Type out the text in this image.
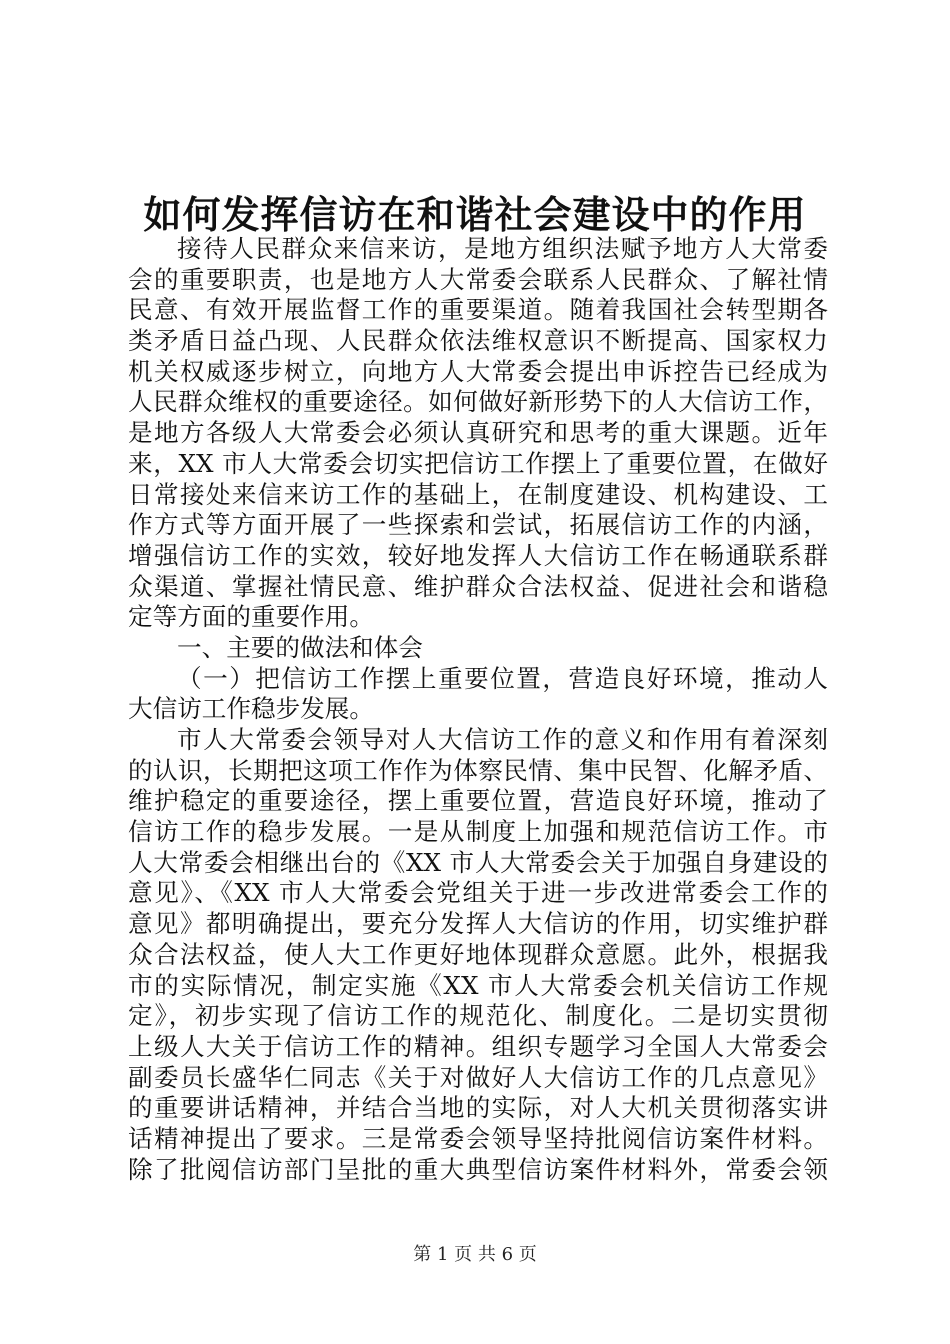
如何发挥信访在和谐社会建设中的作用
接待人民群众来信来访，是地方组织法赋予地方人大常委
会的重要职责，也是地方人大常委会联系人民群众、了解社情
民意、有效开展监督工作的重要渠道。随着我国社会转型期各
类矛盾日益凸现、人民群众依法维权意识不断提高、国家权力
机关权威逐步树立，向地方人大常委会提出申诉控告已经成为
人民群众维权的重要途径。如何做好新形势下的人大信访工作，
是地方各级人大常委会必须认真研究和思考的重大课题。近年
来，XX 市人大常委会切实把信访工作摆上了重要位置，在做好
日常接处来信来访工作的基础上，在制度建设、机构建设、工
作方式等方面开展了一些探索和尝试，拓展信访工作的内涵，
增强信访工作的实效，较好地发挥人大信访工作在畅通联系群
众渠道、掌握社情民意、维护群众合法权益、促进社会和谐稳
定等方面的重要作用。
一、主要的做法和体会
（一）把信访工作摆上重要位置，营造良好环境，推动人
大信访工作稳步发展。
市人大常委会领导对人大信访工作的意义和作用有着深刻
的认识，长期把这项工作作为体察民情、集中民智、化解矛盾、
维护稳定的重要途径，摆上重要位置，营造良好环境，推动了
信访工作的稳步发展。一是从制度上加强和规范信访工作。市
人大常委会相继出台的《XX 市人大常委会关于加强自身建设的
意见》、《XX 市人大常委会党组关于进一步改进常委会工作的
意见》都明确提出，要充分发挥人大信访的作用，切实维护群
众合法权益，使人大工作更好地体现群众意愿。此外，根据我
市的实际情况，制定实施《XX 市人大常委会机关信访工作规
定》，初步实现了信访工作的规范化、制度化。二是切实贯彻
上级人大关于信访工作的精神。组织专题学习全国人大常委会
副委员长盛华仁同志《关于对做好人大信访工作的几点意见》
的重要讲话精神，并结合当地的实际，对人大机关贯彻落实讲
话精神提出了要求。三是常委会领导坚持批阅信访案件材料。
除了批阅信访部门呈批的重大典型信访案件材料外，常委会领
第 1 页 共 6 页
